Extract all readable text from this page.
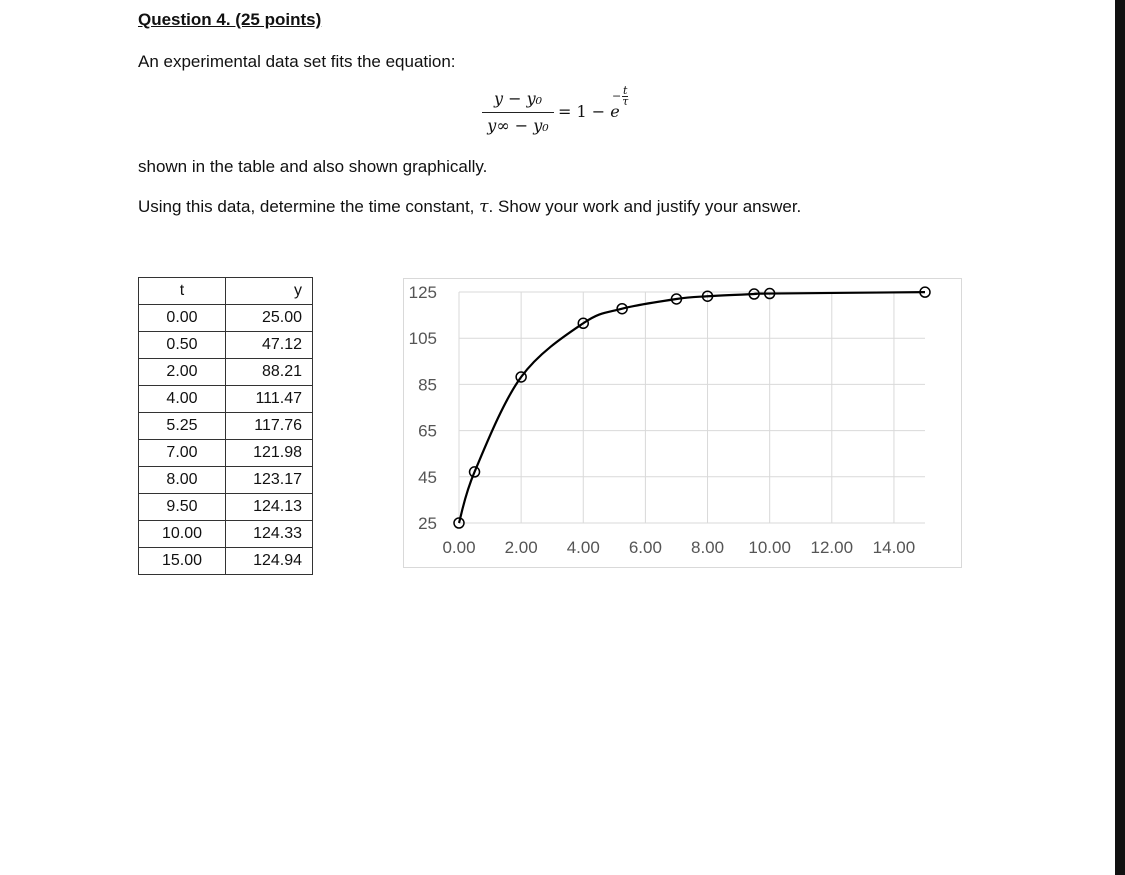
Question 4. (25 points)
An experimental data set fits the equation:
y − y₀
y∞ − y₀
= 1 − e
− $\frac{t}{\tau}$
shown in the table and also shown graphically.
Using this data, determine the time constant, τ. Show your work and justify your answer.
t	y
0.00	25.00
0.50	47.12
2.00	88.21
4.00	111.47
5.25	117.76
7.00	121.98
8.00	123.17
9.50	124.13
10.00	124.33
15.00	124.94
125
105
85
65
45
25
0.00 2.00 4.00 6.00 8.00 10.00 12.00 14.00
